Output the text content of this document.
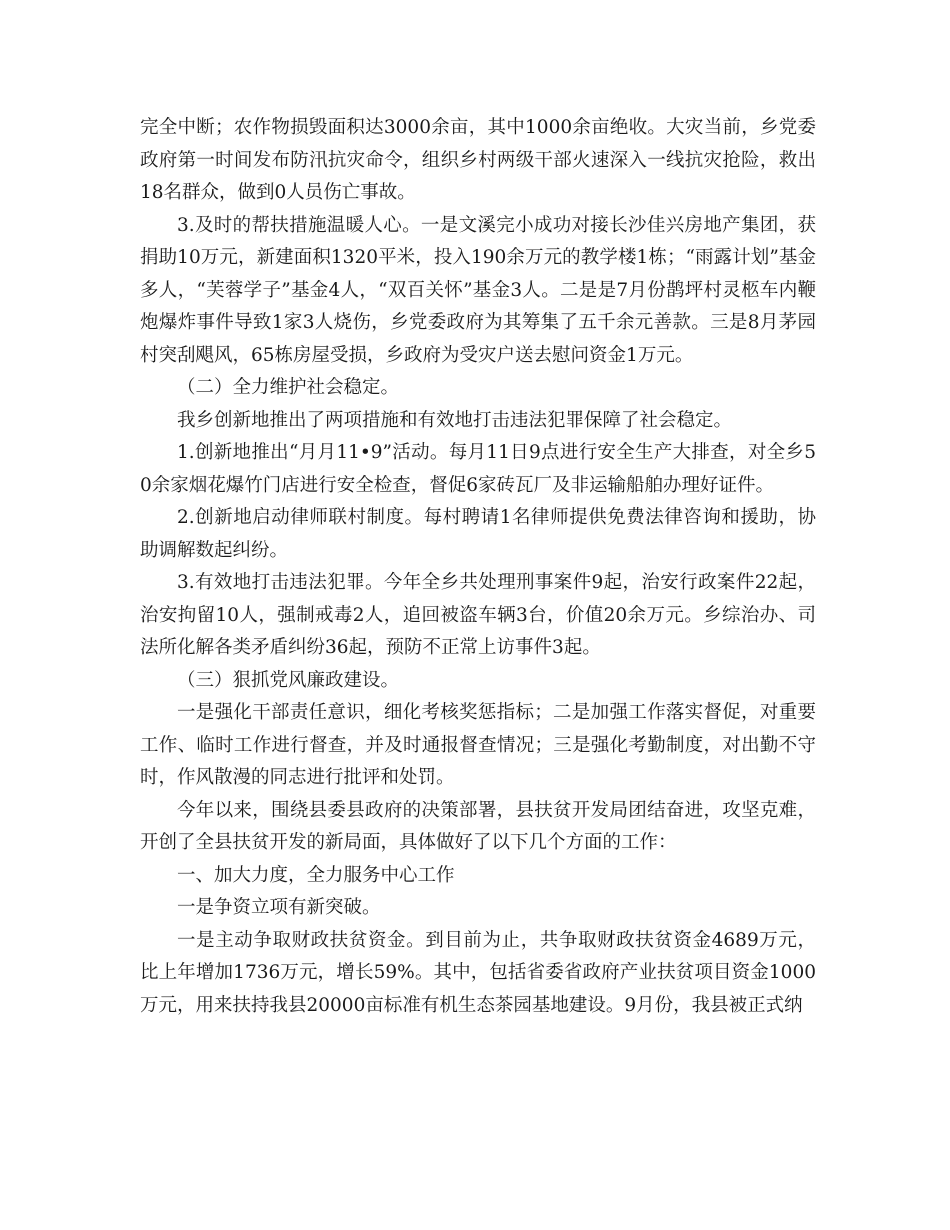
完全中断；农作物损毁面积达3000余亩，其中1000余亩绝收。大灾当前，乡党委政府第一时间发布防汛抗灾命令，组织乡村两级干部火速深入一线抗灾抢险，救出18名群众，做到0人员伤亡事故。

3.及时的帮扶措施温暖人心。一是文溪完小成功对接长沙佳兴房地产集团，获捐助10万元，新建面积1320平米，投入190余万元的教学楼1栋；“雨露计划”基金多人，“芙蓉学子”基金4人，“双百关怀”基金3人。二是是7月份鹊坪村灵柩车内鞭炮爆炸事件导致1家3人烧伤，乡党委政府为其筹集了五千余元善款。三是8月茅园村突刮飓风，65栋房屋受损，乡政府为受灾户送去慰问资金1万元。

（二）全力维护社会稳定。

我乡创新地推出了两项措施和有效地打击违法犯罪保障了社会稳定。

1.创新地推出“月月11•9”活动。每月11日9点进行安全生产大排查，对全乡50余家烟花爆竹门店进行安全检查，督促6家砖瓦厂及非运输船舶办理好证件。

2.创新地启动律师联村制度。每村聘请1名律师提供免费法律咨询和援助，协助调解数起纠纷。

3.有效地打击违法犯罪。今年全乡共处理刑事案件9起，治安行政案件22起，治安拘留10人，强制戒毒2人，追回被盗车辆3台，价值20余万元。乡综治办、司法所化解各类矛盾纠纷36起，预防不正常上访事件3起。

（三）狠抓党风廉政建设。

一是强化干部责任意识，细化考核奖惩指标；二是加强工作落实督促，对重要工作、临时工作进行督查，并及时通报督查情况；三是强化考勤制度，对出勤不守时，作风散漫的同志进行批评和处罚。

今年以来，围绕县委县政府的决策部署，县扶贫开发局团结奋进，攻坚克难，开创了全县扶贫开发的新局面，具体做好了以下几个方面的工作：

一、加大力度，全力服务中心工作

一是争资立项有新突破。

一是主动争取财政扶贫资金。到目前为止，共争取财政扶贫资金4689万元，比上年增加1736万元，增长59%。其中，包括省委省政府产业扶贫项目资金1000万元，用来扶持我县20000亩标准有机生态茶园基地建设。9月份，我县被正式纳
